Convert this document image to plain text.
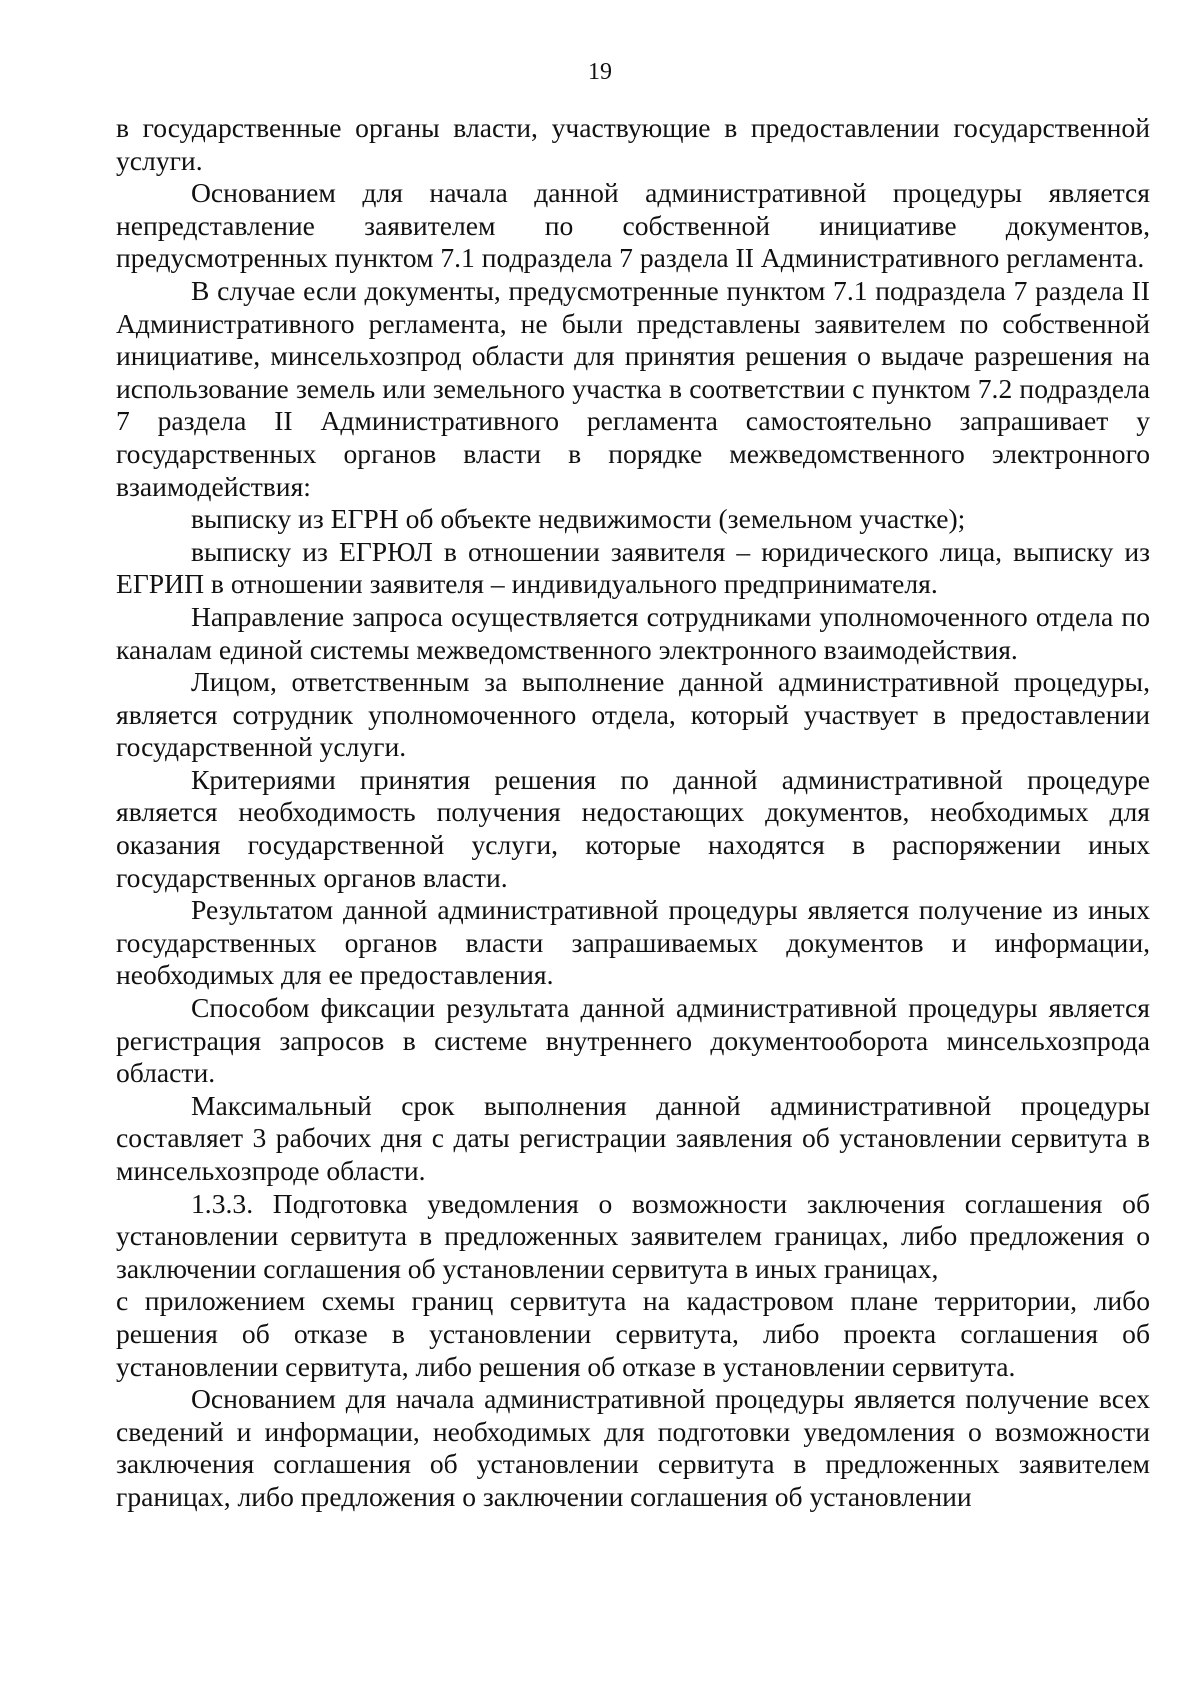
19

в государственные органы власти, участвующие в предоставлении государственной услуги.

Основанием для начала данной административной процедуры является непредставление заявителем по собственной инициативе документов, предусмотренных пунктом 7.1 подраздела 7 раздела II Административного регламента.

В случае если документы, предусмотренные пунктом 7.1 подраздела 7 раздела II Административного регламента, не были представлены заявителем по собственной инициативе, минсельхозпрод области для принятия решения о выдаче разрешения на использование земель или земельного участка в соответствии с пунктом 7.2 подраздела 7 раздела II Административного регламента самостоятельно запрашивает у государственных органов власти в порядке межведомственного электронного взаимодействия:

выписку из ЕГРН об объекте недвижимости (земельном участке);

выписку из ЕГРЮЛ в отношении заявителя – юридического лица, выписку из ЕГРИП в отношении заявителя – индивидуального предпринимателя.

Направление запроса осуществляется сотрудниками уполномоченного отдела по каналам единой системы межведомственного электронного взаимодействия.

Лицом, ответственным за выполнение данной административной процедуры, является сотрудник уполномоченного отдела, который участвует в предоставлении государственной услуги.

Критериями принятия решения по данной административной процедуре является необходимость получения недостающих документов, необходимых для оказания государственной услуги, которые находятся в распоряжении иных государственных органов власти.

Результатом данной административной процедуры является получение из иных государственных органов власти запрашиваемых документов и информации, необходимых для ее предоставления.

Способом фиксации результата данной административной процедуры является регистрация запросов в системе внутреннего документооборота минсельхозпрода области.

Максимальный срок выполнения данной административной процедуры составляет 3 рабочих дня с даты регистрации заявления об установлении сервитута в минсельхозпроде области.

1.3.3. Подготовка уведомления о возможности заключения соглашения об установлении сервитута в предложенных заявителем границах, либо предложения о заключении соглашения об установлении сервитута в иных границах,

с приложением схемы границ сервитута на кадастровом плане территории, либо решения об отказе в установлении сервитута, либо проекта соглашения об установлении сервитута, либо решения об отказе в установлении сервитута.

Основанием для начала административной процедуры является получение всех сведений и информации, необходимых для подготовки уведомления о возможности заключения соглашения об установлении сервитута в предложенных заявителем границах, либо предложения о заключении соглашения об установлении
